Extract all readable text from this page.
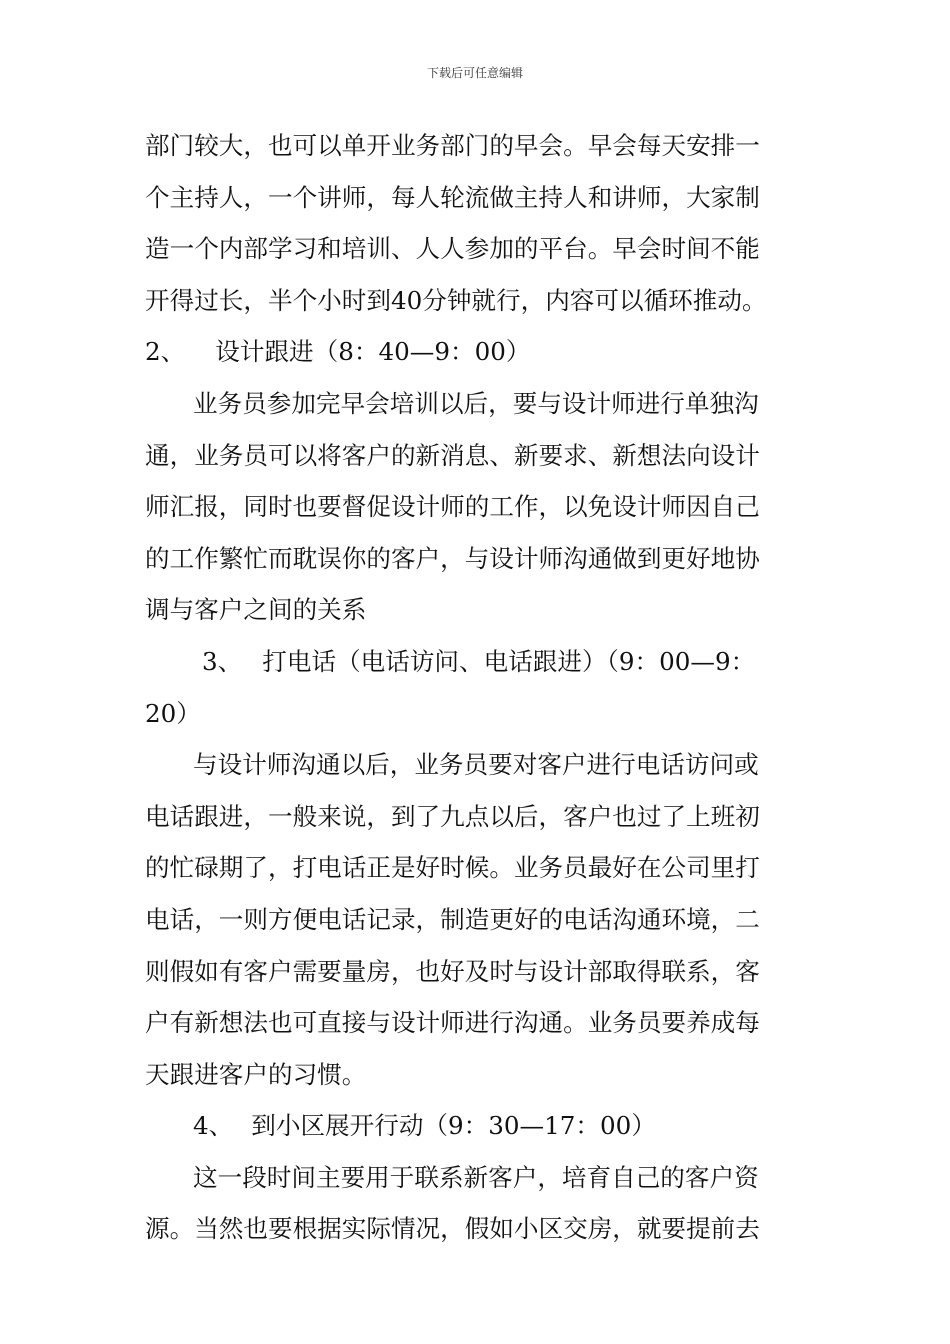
下载后可任意编辑
部门较大，也可以单开业务部门的早会。早会每天安排一
个主持人，一个讲师，每人轮流做主持人和讲师，大家制
造一个内部学习和培训、人人参加的平台。早会时间不能
开得过长，半个小时到40分钟就行，内容可以循环推动。
2、 设计跟进（8：40—9：00）
业务员参加完早会培训以后，要与设计师进行单独沟
通，业务员可以将客户的新消息、新要求、新想法向设计
师汇报，同时也要督促设计师的工作，以免设计师因自己
的工作繁忙而耽误你的客户，与设计师沟通做到更好地协
调与客户之间的关系
3、 打电话（电话访问、电话跟进）（9：00—9：
20）
与设计师沟通以后，业务员要对客户进行电话访问或
电话跟进，一般来说，到了九点以后，客户也过了上班初
的忙碌期了，打电话正是好时候。业务员最好在公司里打
电话，一则方便电话记录，制造更好的电话沟通环境，二
则假如有客户需要量房，也好及时与设计部取得联系，客
户有新想法也可直接与设计师进行沟通。业务员要养成每
天跟进客户的习惯。
4、 到小区展开行动（9：30—17：00）
这一段时间主要用于联系新客户，培育自己的客户资
源。当然也要根据实际情况，假如小区交房，就要提前去
